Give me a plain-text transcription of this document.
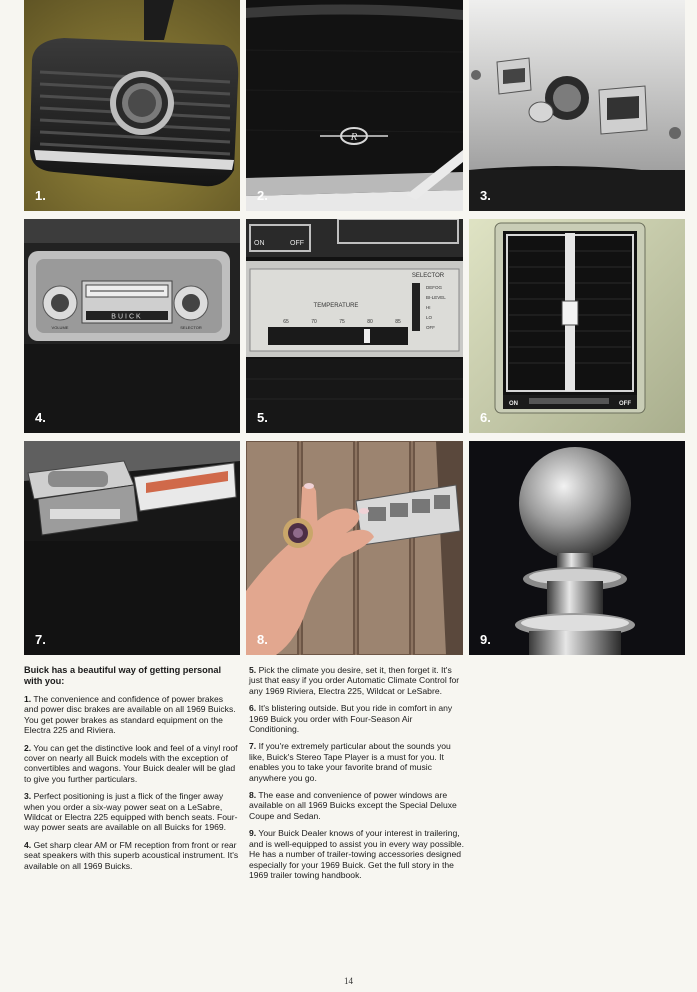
1.
R
2.	3.
BUICK
VOLUME	SELECTOR
4.
ON	OFF
TEMPERATURE
65	70	75	80	85
SELECTOR
DEFOG
BI-LEVEL
HI
LO
OFF
5.
ON	OFF
6.
7.	8.	9.

Buick has a beautiful way of getting personal with you:

1. The convenience and confidence of power brakes and power disc brakes are available on all 1969 Buicks. You get power brakes as standard equipment on the Electra 225 and Riviera.

2. You can get the distinctive look and feel of a vinyl roof cover on nearly all Buick models with the exception of convertibles and wagons. Your Buick dealer will be glad to give you further particulars.

3. Perfect positioning is just a flick of the finger away when you order a six-way power seat on a LeSabre, Wildcat or Electra 225 equipped with bench seats. Four-way power seats are available on all Buicks for 1969.

4. Get sharp clear AM or FM reception from front or rear seat speakers with this superb acoustical instrument. It's available on all 1969 Buicks.

5. Pick the climate you desire, set it, then forget it. It's just that easy if you order Automatic Climate Control for any 1969 Riviera, Electra 225, Wildcat or LeSabre.

6. It's blistering outside. But you ride in comfort in any 1969 Buick you order with Four-Season Air Conditioning.

7. If you're extremely particular about the sounds you like, Buick's Stereo Tape Player is a must for you. It enables you to take your favorite brand of music anywhere you go.

8. The ease and convenience of power windows are available on all 1969 Buicks except the Special Deluxe Coupe and Sedan.

9. Your Buick Dealer knows of your interest in trailering, and is well-equipped to assist you in every way possible. He has a number of trailer-towing accessories designed especially for your 1969 Buick. Get the full story in the 1969 trailer towing handbook.

14
